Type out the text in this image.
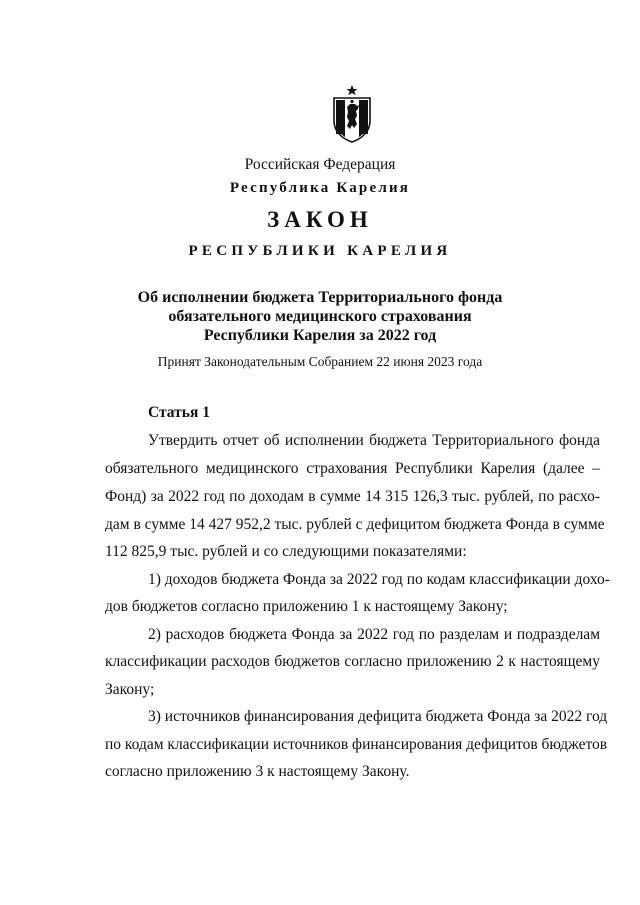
Российская Федерация
Республика Карелия
ЗАКОН
РЕСПУБЛИКИ КАРЕЛИЯ
Об исполнении бюджета Территориального фонда
обязательного медицинского страхования
Республики Карелия за 2022 год
Принят Законодательным Собранием 22 июня 2023 года
Статья 1
Утвердить отчет об исполнении бюджета Территориального фонда
обязательного медицинского страхования Республики Карелия (далее –
Фонд) за 2022 год по доходам в сумме 14 315 126,3 тыс. рублей, по расхо-
дам в сумме 14 427 952,2 тыс. рублей с дефицитом бюджета Фонда в сумме
112 825,9 тыс. рублей и со следующими показателями:
1) доходов бюджета Фонда за 2022 год по кодам классификации дохо-
дов бюджетов согласно приложению 1 к настоящему Закону;
2) расходов бюджета Фонда за 2022 год по разделам и подразделам
классификации расходов бюджетов согласно приложению 2 к настоящему
Закону;
3) источников финансирования дефицита бюджета Фонда за 2022 год
по кодам классификации источников финансирования дефицитов бюджетов
согласно приложению 3 к настоящему Закону.
